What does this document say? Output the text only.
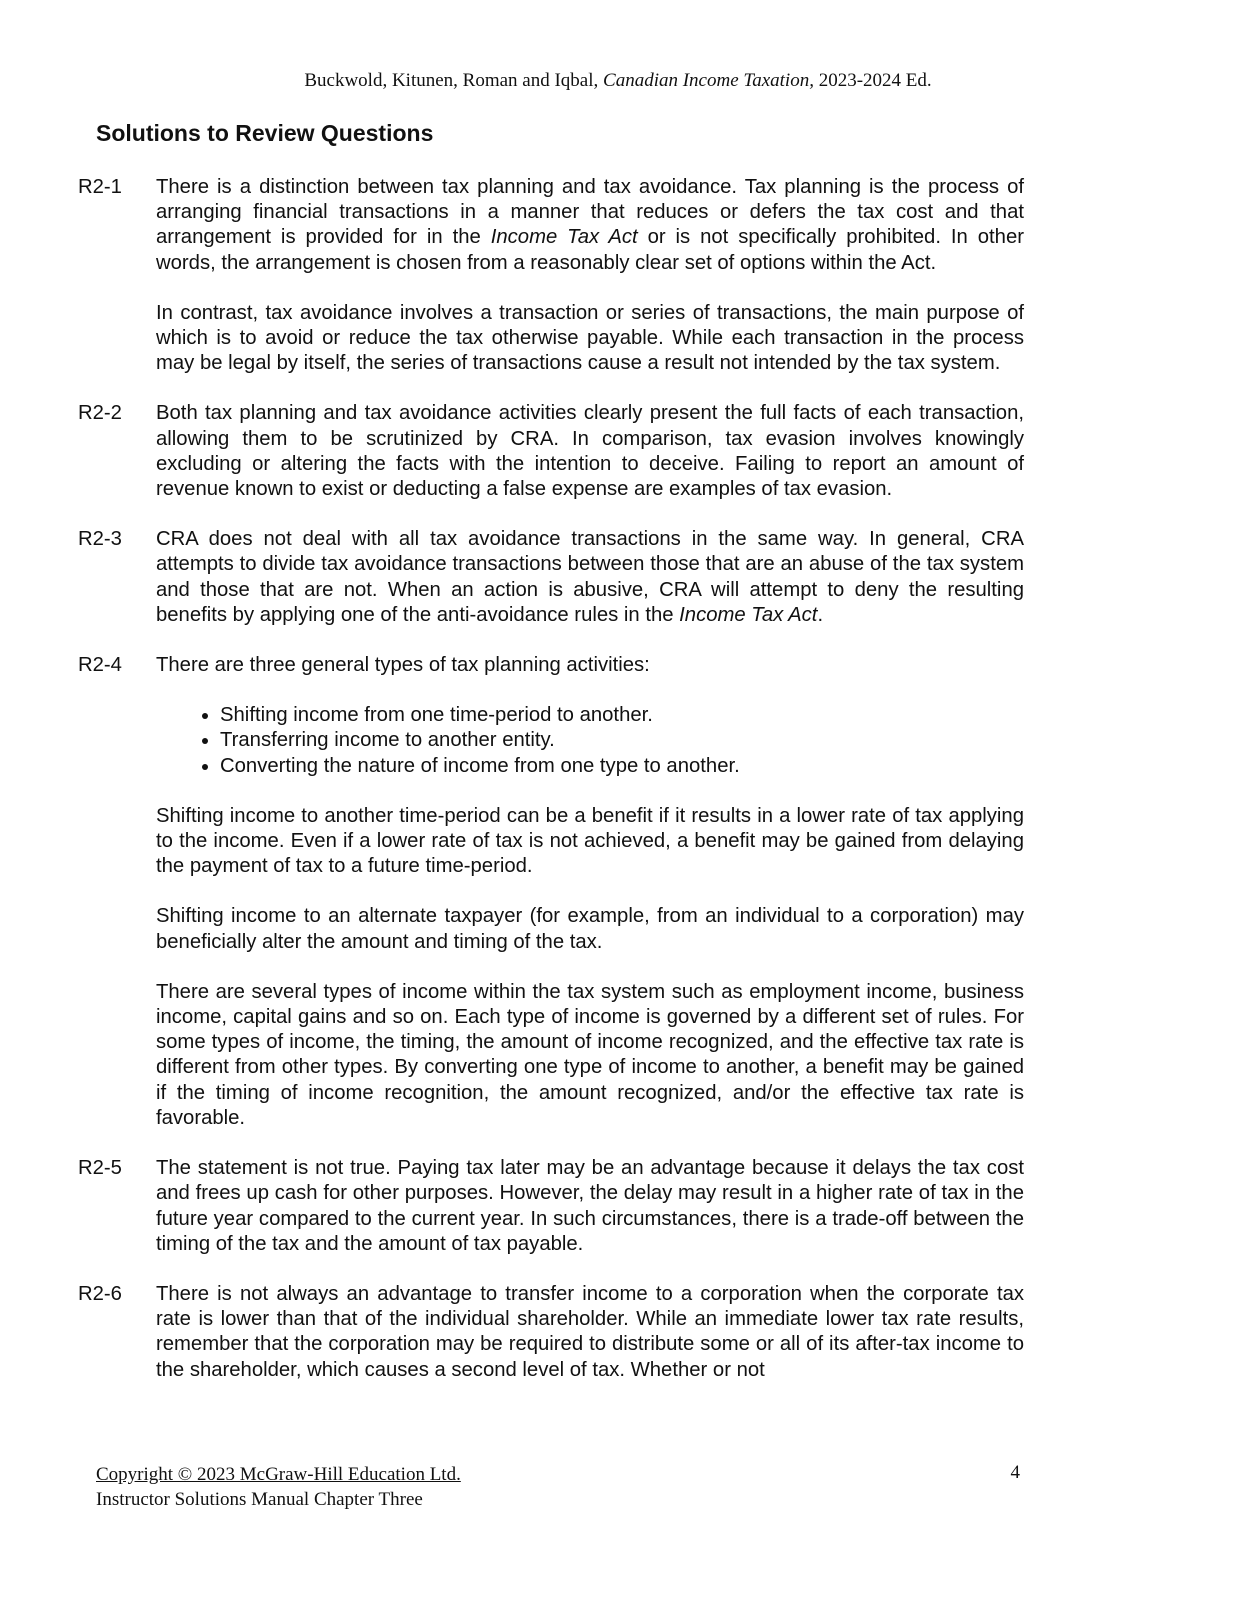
Buckwold, Kitunen, Roman and Iqbal, Canadian Income Taxation, 2023-2024 Ed.
Solutions to Review Questions
R2-1	There is a distinction between tax planning and tax avoidance. Tax planning is the process of arranging financial transactions in a manner that reduces or defers the tax cost and that arrangement is provided for in the Income Tax Act or is not specifically prohibited. In other words, the arrangement is chosen from a reasonably clear set of options within the Act.

In contrast, tax avoidance involves a transaction or series of transactions, the main purpose of which is to avoid or reduce the tax otherwise payable. While each transaction in the process may be legal by itself, the series of transactions cause a result not intended by the tax system.

R2-2	Both tax planning and tax avoidance activities clearly present the full facts of each transaction, allowing them to be scrutinized by CRA. In comparison, tax evasion involves knowingly excluding or altering the facts with the intention to deceive. Failing to report an amount of revenue known to exist or deducting a false expense are examples of tax evasion.

R2-3	CRA does not deal with all tax avoidance transactions in the same way. In general, CRA attempts to divide tax avoidance transactions between those that are an abuse of the tax system and those that are not. When an action is abusive, CRA will attempt to deny the resulting benefits by applying one of the anti-avoidance rules in the Income Tax Act.

R2-4	There are three general types of tax planning activities:

• Shifting income from one time-period to another.
• Transferring income to another entity.
• Converting the nature of income from one type to another.

Shifting income to another time-period can be a benefit if it results in a lower rate of tax applying to the income. Even if a lower rate of tax is not achieved, a benefit may be gained from delaying the payment of tax to a future time-period.

Shifting income to an alternate taxpayer (for example, from an individual to a corporation) may beneficially alter the amount and timing of the tax.

There are several types of income within the tax system such as employment income, business income, capital gains and so on. Each type of income is governed by a different set of rules. For some types of income, the timing, the amount of income recognized, and the effective tax rate is different from other types. By converting one type of income to another, a benefit may be gained if the timing of income recognition, the amount recognized, and/or the effective tax rate is favorable.

R2-5	The statement is not true. Paying tax later may be an advantage because it delays the tax cost and frees up cash for other purposes. However, the delay may result in a higher rate of tax in the future year compared to the current year. In such circumstances, there is a trade-off between the timing of the tax and the amount of tax payable.

R2-6	There is not always an advantage to transfer income to a corporation when the corporate tax rate is lower than that of the individual shareholder. While an immediate lower tax rate results, remember that the corporation may be required to distribute some or all of its after-tax income to the shareholder, which causes a second level of tax. Whether or not

Copyright © 2023 McGraw-Hill Education Ltd.
Instructor Solutions Manual Chapter Three
4
